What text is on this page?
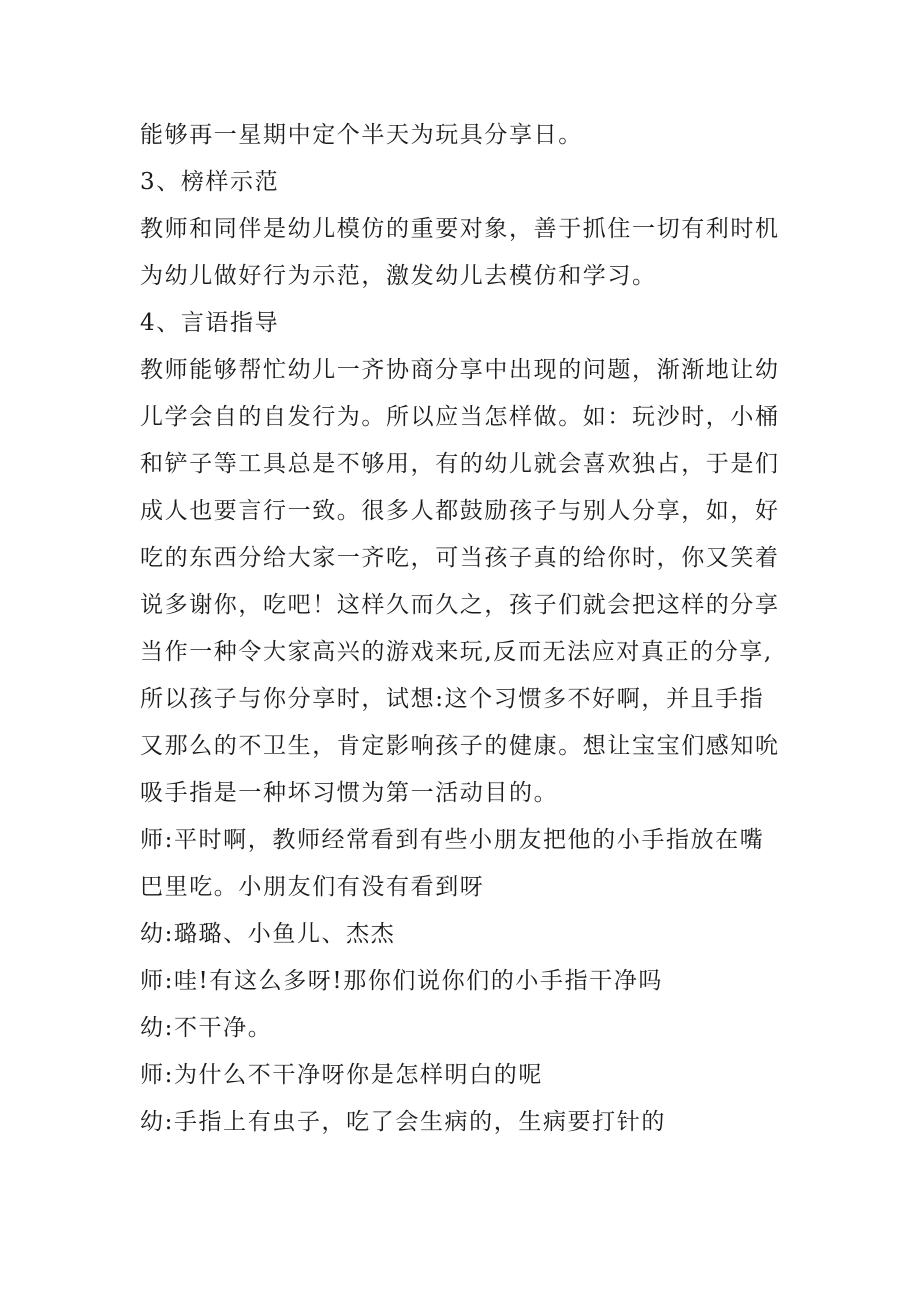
能够再一星期中定个半天为玩具分享日。
3、榜样示范
教师和同伴是幼儿模仿的重要对象，善于抓住一切有利时机
为幼儿做好行为示范，激发幼儿去模仿和学习。
4、言语指导
教师能够帮忙幼儿一齐协商分享中出现的问题，渐渐地让幼
儿学会自的自发行为。所以应当怎样做。如：玩沙时，小桶
和铲子等工具总是不够用，有的幼儿就会喜欢独占，于是们
成人也要言行一致。很多人都鼓励孩子与别人分享，如，好
吃的东西分给大家一齐吃，可当孩子真的给你时，你又笑着
说多谢你，吃吧！这样久而久之，孩子们就会把这样的分享
当作一种令大家高兴的游戏来玩,反而无法应对真正的分享,
所以孩子与你分享时，试想:这个习惯多不好啊，并且手指
又那么的不卫生，肯定影响孩子的健康。想让宝宝们感知吮
吸手指是一种坏习惯为第一活动目的。
师:平时啊，教师经常看到有些小朋友把他的小手指放在嘴
巴里吃。小朋友们有没有看到呀
幼:璐璐、小鱼儿、杰杰
师:哇!有这么多呀!那你们说你们的小手指干净吗
幼:不干净。
师:为什么不干净呀你是怎样明白的呢
幼:手指上有虫子，吃了会生病的，生病要打针的
